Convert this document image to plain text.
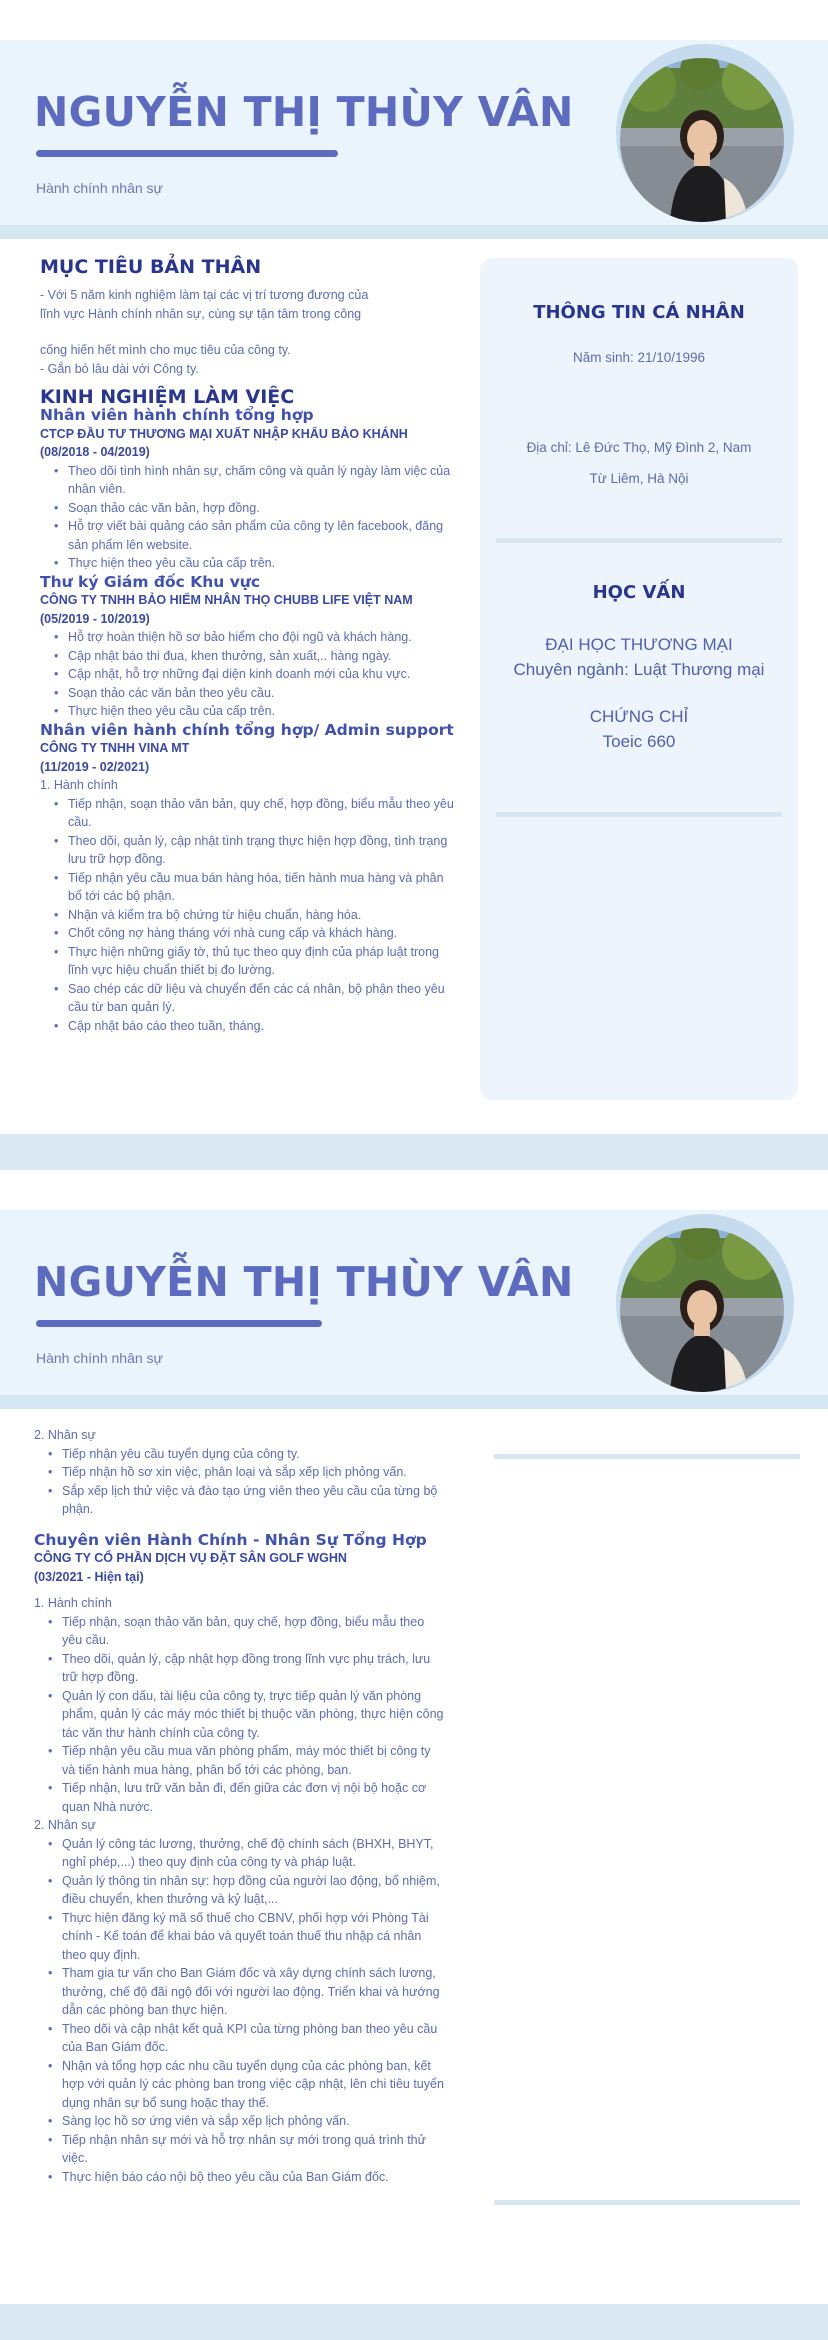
NGUYỄN THỊ THÙY VÂN
Hành chính nhân sự
MỤC TIÊU BẢN THÂN

- Với 5 năm kinh nghiệm làm tại các vị trí tương đương của

lĩnh vực Hành chính nhân sự, cùng sự tận tâm trong công

cống hiến hết mình cho mục tiêu của công ty.

- Gắn bó lâu dài với Công ty.

KINH NGHIỆM LÀM VIỆC

Nhân viên hành chính tổng hợp

CTCP ĐẦU TƯ THƯƠNG MẠI XUẤT NHẬP KHẨU BẢO KHÁNH

(08/2018 - 04/2019)

• Theo dõi tình hình nhân sự, chấm công và quản lý ngày làm việc của nhân viên.
• Soạn thảo các văn bản, hợp đồng.
• Hỗ trợ viết bài quảng cáo sản phẩm của công ty lên facebook, đăng sản phẩm lên website.
• Thực hiện theo yêu cầu của cấp trên.

Thư ký Giám đốc Khu vực

CÔNG TY TNHH BẢO HIỂM NHÂN THỌ CHUBB LIFE VIỆT NAM

(05/2019 - 10/2019)

• Hỗ trợ hoàn thiện hồ sơ bảo hiểm cho đội ngũ và khách hàng.
• Cập nhật báo thi đua, khen thưởng, sản xuất,.. hàng ngày.
• Cập nhật, hỗ trợ những đại diện kinh doanh mới của khu vực.
• Soạn thảo các văn bản theo yêu cầu.
• Thực hiện theo yêu cầu của cấp trên.

Nhân viên hành chính tổng hợp/ Admin support

CÔNG TY TNHH VINA MT

(11/2019 - 02/2021)

1. Hành chính

• Tiếp nhận, soạn thảo văn bản, quy chế, hợp đồng, biểu mẫu theo yêu cầu.
• Theo dõi, quản lý, cập nhật tình trạng thực hiện hợp đồng, tình trạng lưu trữ hợp đồng.
• Tiếp nhận yêu cầu mua bán hàng hóa, tiến hành mua hàng và phân bổ tới các bộ phận.
• Nhận và kiểm tra bộ chứng từ hiệu chuẩn, hàng hóa.
• Chốt công nợ hàng tháng với nhà cung cấp và khách hàng.
• Thực hiện những giấy tờ, thủ tục theo quy định của pháp luật trong lĩnh vực hiệu chuẩn thiết bị đo lường.
• Sao chép các dữ liệu và chuyển đến các cá nhân, bộ phận theo yêu cầu từ ban quản lý.
• Cập nhật báo cáo theo tuần, tháng.
THÔNG TIN CÁ NHÂN
Năm sinh: 21/10/1996
Địa chỉ: Lê Đức Thọ, Mỹ Đình 2, Nam
Từ Liêm, Hà Nội
HỌC VẤN
ĐẠI HỌC THƯƠNG MẠI
Chuyên ngành: Luật Thương mại
CHỨNG CHỈ
Toeic 660
NGUYỄN THỊ THÙY VÂN
Hành chính nhân sự

2. Nhân sự

• Tiếp nhận yêu cầu tuyển dụng của công ty.
• Tiếp nhận hồ sơ xin việc, phân loại và sắp xếp lịch phỏng vấn.
• Sắp xếp lịch thử việc và đào tạo ứng viên theo yêu cầu của từng bộ phận.

Chuyên viên Hành Chính - Nhân Sự Tổng Hợp

CÔNG TY CỔ PHẦN DỊCH VỤ ĐẶT SÂN GOLF WGHN

(03/2021 - Hiện tại)

1. Hành chính

• Tiếp nhận, soạn thảo văn bản, quy chế, hợp đồng, biểu mẫu theo yêu cầu.
• Theo dõi, quản lý, cập nhật hợp đồng trong lĩnh vực phụ trách, lưu trữ hợp đồng.
• Quản lý con dấu, tài liệu của công ty, trực tiếp quản lý văn phòng phẩm, quản lý các máy móc thiết bị thuộc văn phòng, thực hiện công tác văn thư hành chính của công ty.
• Tiếp nhận yêu cầu mua văn phòng phẩm, máy móc thiết bị công ty và tiến hành mua hàng, phân bổ tới các phòng, ban.
• Tiếp nhận, lưu trữ văn bản đi, đến giữa các đơn vị nội bộ hoặc cơ quan Nhà nước.

2. Nhân sự

• Quản lý công tác lương, thưởng, chế độ chính sách (BHXH, BHYT, nghỉ phép,...) theo quy định của công ty và pháp luật.
• Quản lý thông tin nhân sự: hợp đồng của người lao động, bổ nhiệm, điều chuyển, khen thưởng và kỷ luật,...
• Thực hiện đăng ký mã số thuế cho CBNV, phối hợp với Phòng Tài chính - Kế toán để khai báo và quyết toán thuế thu nhập cá nhân theo quy định.
• Tham gia tư vấn cho Ban Giám đốc và xây dựng chính sách lương, thưởng, chế độ đãi ngộ đối với người lao động. Triển khai và hướng dẫn các phòng ban thực hiện.
• Theo dõi và cập nhật kết quả KPI của từng phòng ban theo yêu cầu của Ban Giám đốc.
• Nhận và tổng hợp các nhu cầu tuyển dụng của các phòng ban, kết hợp với quản lý các phòng ban trong việc cập nhật, lên chi tiêu tuyển dụng nhân sự bổ sung hoặc thay thế.
• Sàng lọc hồ sơ ứng viên và sắp xếp lịch phỏng vấn.
• Tiếp nhận nhân sự mới và hỗ trợ nhân sự mới trong quá trình thử việc.
• Thực hiện báo cáo nội bộ theo yêu cầu của Ban Giám đốc.
